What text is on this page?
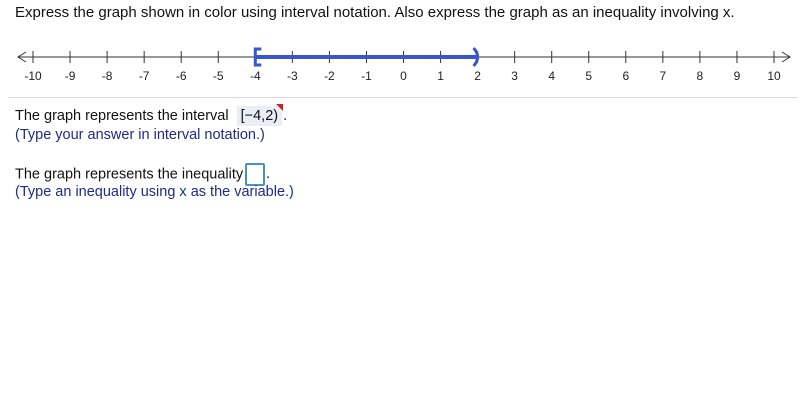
Express the graph shown in color using interval notation. Also express the graph as an inequality involving x.

-10 -9 -8 -7 -6 -5 -4 -3 -2 -1 0	1	2	3	4	5	6	7	8	9 10
The graph represents the interval [−4,2) .
(Type your answer in interval notation.)
The graph represents the inequality .
(Type an inequality using x as the variable.)
